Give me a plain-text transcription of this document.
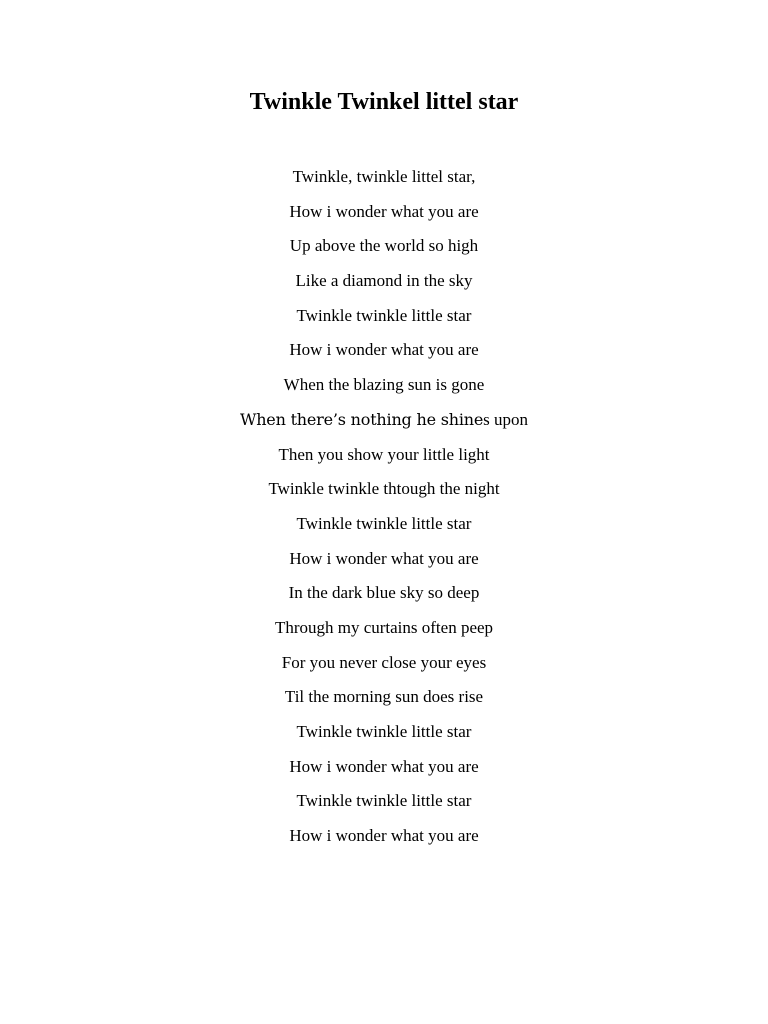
Twinkle Twinkel littel star
Twinkle, twinkle littel star,
How i wonder what you are
Up above the world so high
Like a diamond in the sky
Twinkle twinkle little star
How i wonder what you are
When the blazing sun is gone
When there’s nothing he shines upon
Then you show your little light
Twinkle twinkle thtough the night
Twinkle twinkle little star
How i wonder what you are
In the dark blue sky so deep
Through my curtains often peep
For you never close your eyes
Til the morning sun does rise
Twinkle twinkle little star
How i wonder what you are
Twinkle twinkle little star
How i wonder what you are
